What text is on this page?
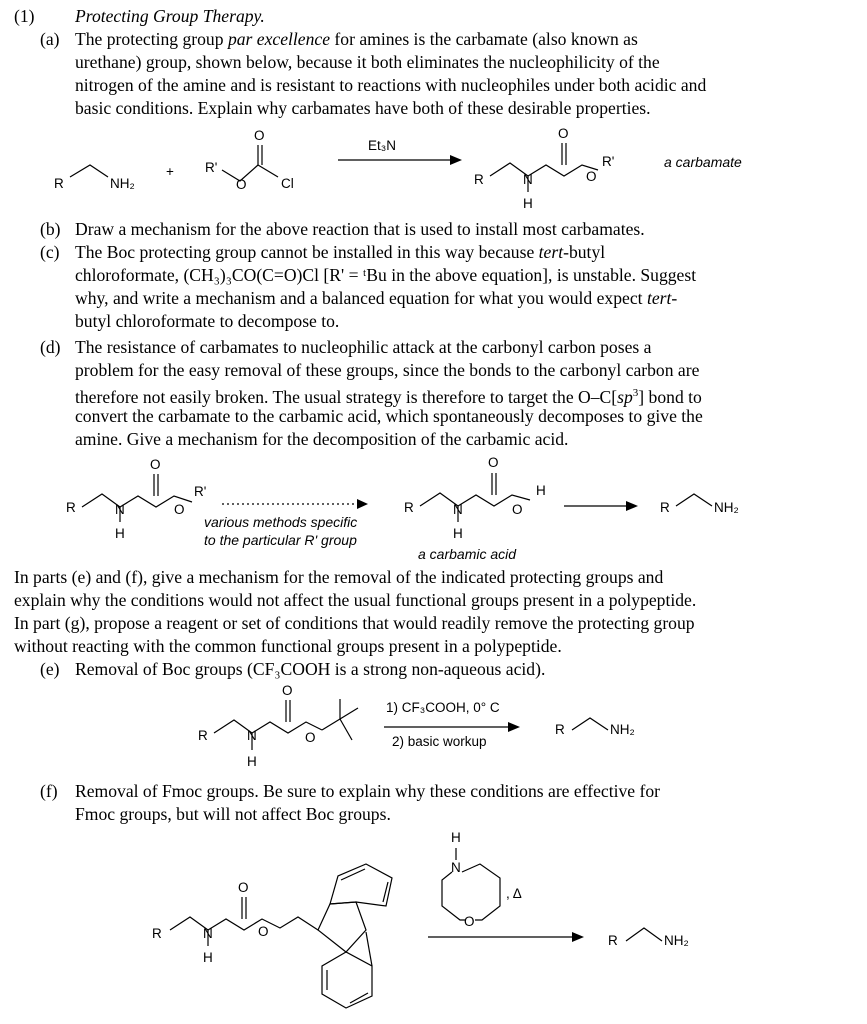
(1) Protecting Group Therapy.
(a) The protecting group par excellence for amines is the carbamate (also known as
urethane) group, shown below, because it both eliminates the nucleophilicity of the
nitrogen of the amine and is resistant to reactions with nucleophiles under both acidic and
basic conditions. Explain why carbamates have both of these desirable properties.
R	NH₂
+ R'
O
O	Cl
Et₃N
R	N
H
O
O
R'	a carbamate
(b) Draw a mechanism for the above reaction that is used to install most carbamates.
(c) The Boc protecting group cannot be installed in this way because tert-butyl
chloroformate, (CH₃)₃CO(C=O)Cl [R' = ᵗBu in the above equation], is unstable. Suggest
why, and write a mechanism and a balanced equation for what you would expect tert-
butyl chloroformate to decompose to.
(d) The resistance of carbamates to nucleophilic attack at the carbonyl carbon poses a
problem for the easy removal of these groups, since the bonds to the carbonyl carbon are
therefore not easily broken. The usual strategy is therefore to target the $O-C[sp^3]$ bond to
convert the carbamate to the carbamic acid, which spontaneously decomposes to give the
amine. Give a mechanism for the decomposition of the carbamic acid.
R	N
H
O
O
R'
various methods specific
to the particular R' group
R	N
H
O
O
H
a carbamic acid
R	NH₂
In parts (e) and (f), give a mechanism for the removal of the indicated protecting groups and
explain why the conditions would not affect the usual functional groups present in a polypeptide.
In part (g), propose a reagent or set of conditions that would readily remove the protecting group
without reacting with the common functional groups present in a polypeptide.
(e) Removal of Boc groups (CF₃COOH is a strong non-aqueous acid).
R	N
H
O
O
1) CF₃COOH, 0° C
2) basic workup
R	NH₂
(f) Removal of Fmoc groups. Be sure to explain why these conditions are effective for
Fmoc groups, but will not affect Boc groups.
R	N
H
O
O
H
N
O
, Δ
R	NH₂
